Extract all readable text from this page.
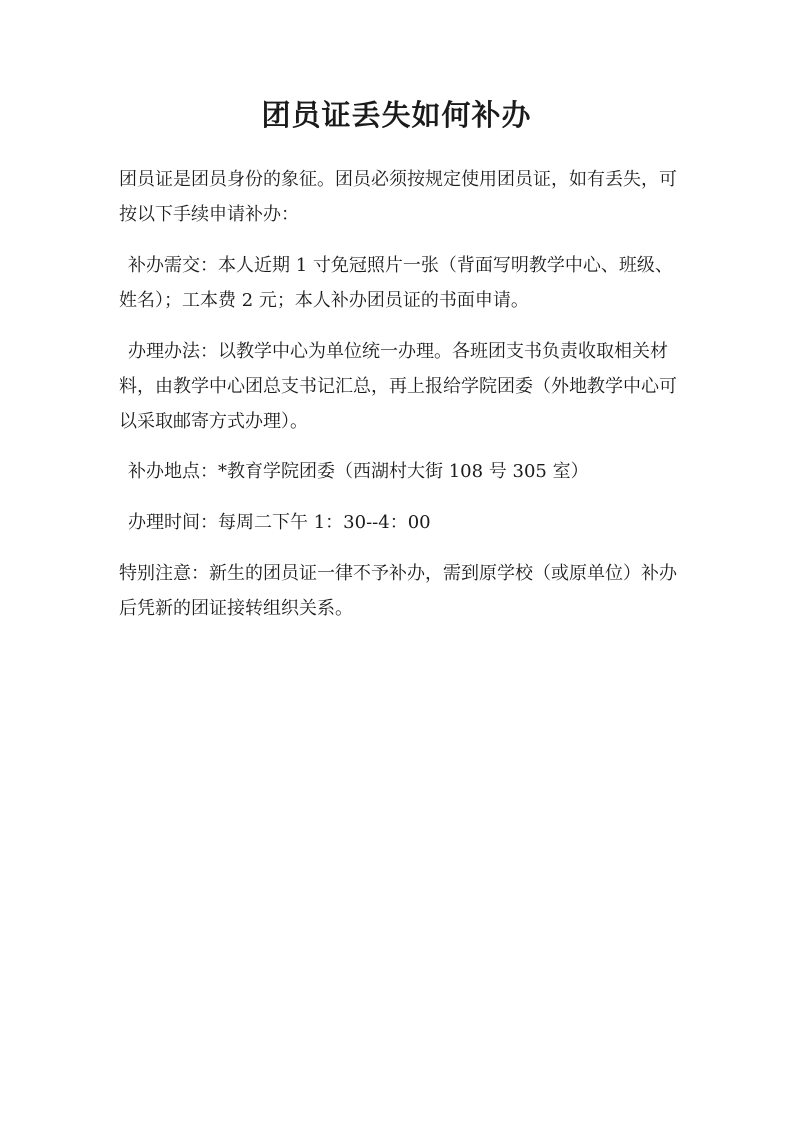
团员证丢失如何补办

团员证是团员身份的象征。团员必须按规定使用团员证，如有丢失，可按以下手续申请补办：

补办需交：本人近期 1 寸免冠照片一张（背面写明教学中心、班级、姓名）；工本费 2 元；本人补办团员证的书面申请。

办理办法：以教学中心为单位统一办理。各班团支书负责收取相关材料，由教学中心团总支书记汇总，再上报给学院团委（外地教学中心可以采取邮寄方式办理）。

补办地点：*教育学院团委（西湖村大街 108 号 305 室）

办理时间：每周二下午 1：30--4：00

特别注意：新生的团员证一律不予补办，需到原学校（或原单位）补办后凭新的团证接转组织关系。
